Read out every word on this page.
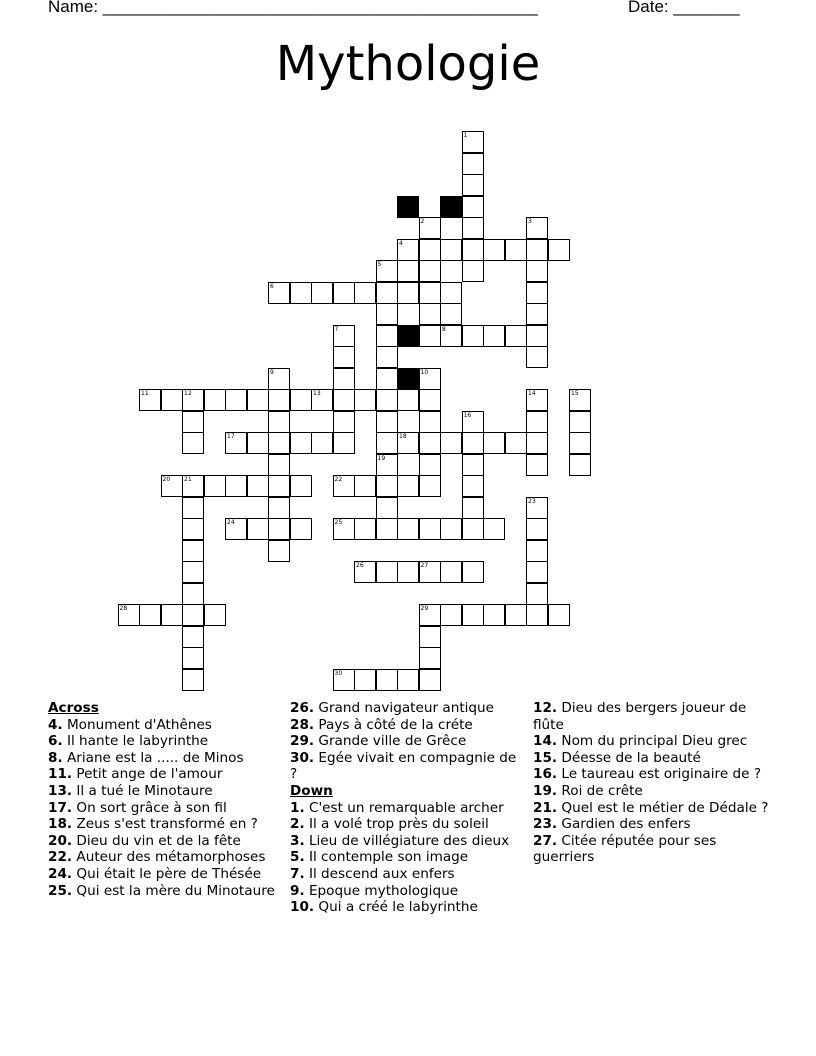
Name: ______________________________________________	Date: _______
Mythologie
1
2	3
4
5
19
6
7	8
9	10
11	12	13	14	15
16
17	18
20 21	22
23
24	25
26	27
28	29
30

Across

4. Monument d'Athênes

6. Il hante le labyrinthe

8. Ariane est la ..... de Minos

11. Petit ange de l'amour

13. Il a tué le Minotaure

17. On sort grâce à son fil

18. Zeus s'est transformé en ?

20. Dieu du vin et de la fête

22. Auteur des métamorphoses

24. Qui était le père de Thésée

25. Qui est la mère du Minotaure

26. Grand navigateur antique

28. Pays à côté de la créte

29. Grande ville de Grêce

30. Egée vivait en compagnie de ?

Down

1. C'est un remarquable archer

2. Il a volé trop près du soleil

3. Lieu de villégiature des dieux

5. Il contemple son image

7. Il descend aux enfers

9. Epoque mythologique

10. Qui a créé le labyrinthe

12. Dieu des bergers joueur de flûte

14. Nom du principal Dieu grec

15. Déesse de la beauté

16. Le taureau est originaire de ?

19. Roi de crête

21. Quel est le métier de Dédale ?

23. Gardien des enfers

27. Citée réputée pour ses guerriers
